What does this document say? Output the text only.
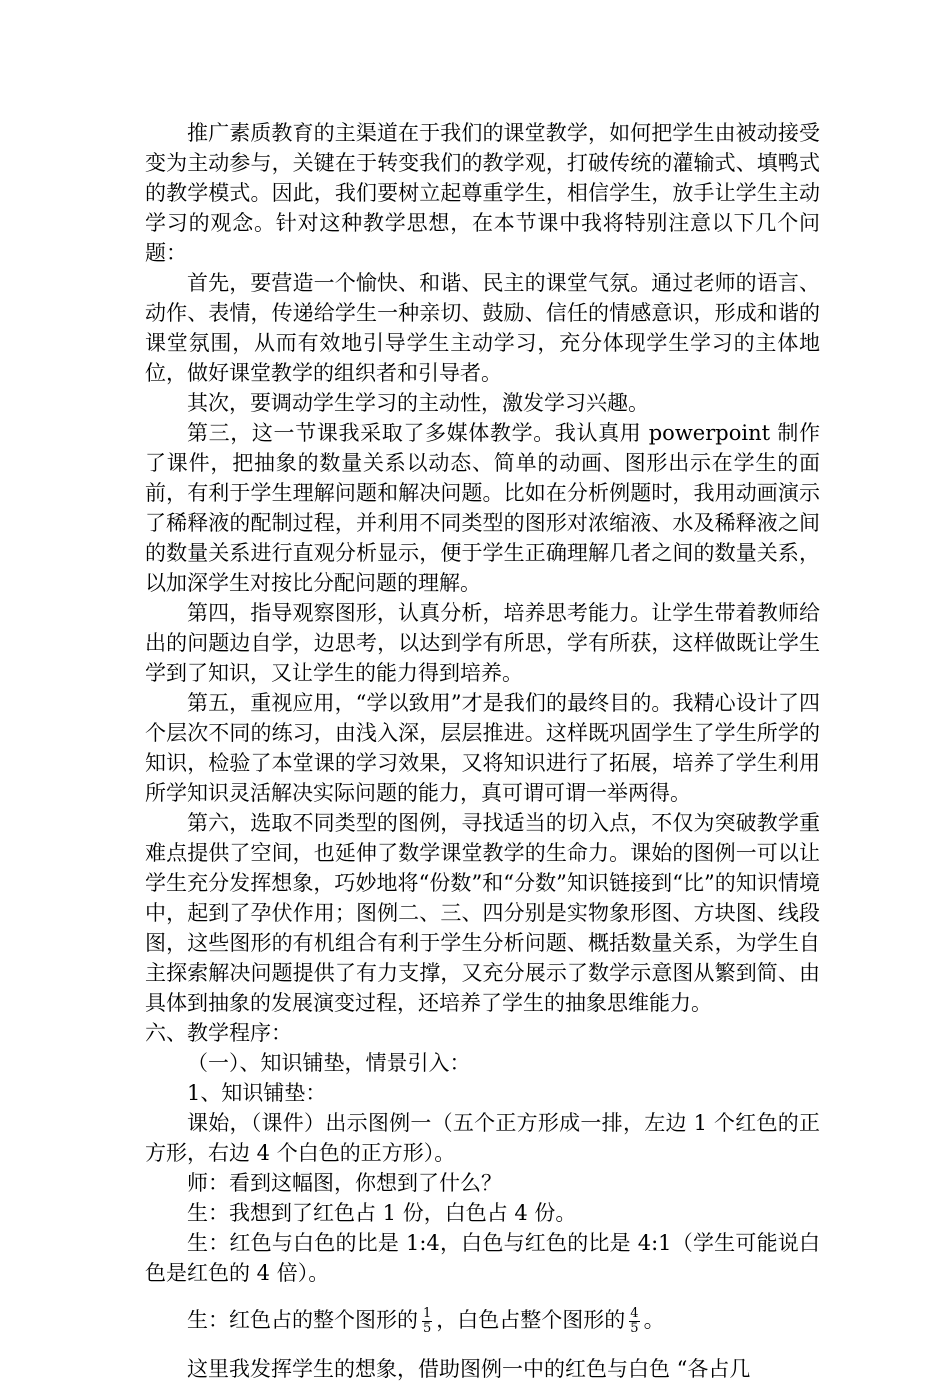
推广素质教育的主渠道在于我们的课堂教学，如何把学生由被动接受变为主动参与，关键在于转变我们的教学观，打破传统的灌输式、填鸭式的教学模式。因此，我们要树立起尊重学生，相信学生，放手让学生主动学习的观念。针对这种教学思想，在本节课中我将特别注意以下几个问题：

首先，要营造一个愉快、和谐、民主的课堂气氛。通过老师的语言、动作、表情，传递给学生一种亲切、鼓励、信任的情感意识，形成和谐的课堂氛围，从而有效地引导学生主动学习，充分体现学生学习的主体地位，做好课堂教学的组织者和引导者。

其次，要调动学生学习的主动性，激发学习兴趣。

第三，这一节课我采取了多媒体教学。我认真用 powerpoint 制作了课件，把抽象的数量关系以动态、简单的动画、图形出示在学生的面前，有利于学生理解问题和解决问题。比如在分析例题时，我用动画演示了稀释液的配制过程，并利用不同类型的图形对浓缩液、水及稀释液之间的数量关系进行直观分析显示，便于学生正确理解几者之间的数量关系，以加深学生对按比分配问题的理解。

第四，指导观察图形，认真分析，培养思考能力。让学生带着教师给出的问题边自学，边思考，以达到学有所思，学有所获，这样做既让学生学到了知识，又让学生的能力得到培养。

第五，重视应用，“学以致用”才是我们的最终目的。我精心设计了四个层次不同的练习，由浅入深，层层推进。这样既巩固学生了学生所学的知识，检验了本堂课的学习效果，又将知识进行了拓展，培养了学生利用所学知识灵活解决实际问题的能力，真可谓可谓一举两得。

第六，选取不同类型的图例，寻找适当的切入点，不仅为突破教学重难点提供了空间，也延伸了数学课堂教学的生命力。课始的图例一可以让学生充分发挥想象，巧妙地将“份数”和“分数”知识链接到“比”的知识情境中，起到了孕伏作用；图例二、三、四分别是实物象形图、方块图、线段图，这些图形的有机组合有利于学生分析问题、概括数量关系，为学生自主探索解决问题提供了有力支撑，又充分展示了数学示意图从繁到简、由具体到抽象的发展演变过程，还培养了学生的抽象思维能力。

六、教学程序：

（一）、知识铺垫，情景引入：

1、知识铺垫：

课始，（课件）出示图例一（五个正方形成一排，左边 1 个红色的正方形，右边 4 个白色的正方形）。

师：看到这幅图，你想到了什么？

生：我想到了红色占 1 份，白色占 4 份。

生：红色与白色的比是 1:4，白色与红色的比是 4:1（学生可能说白色是红色的 4 倍）。

生：红色占的整个图形的 $\frac{1}{5}$ ，白色占整个图形的 $\frac{4}{5}$ 。

这里我发挥学生的想象，借助图例一中的红色与白色 “各占几
